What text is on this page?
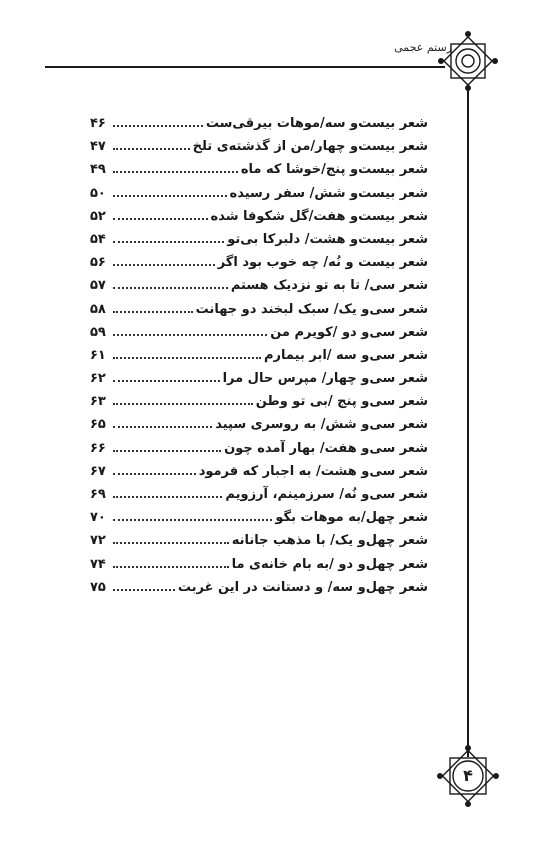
رستم عجمی
شعر بیست‌و سه/موهات بیرقی‌ست
۴۶
شعر بیست‌و چهار/من از گذشته‌ی تلخ
۴۷
شعر بیست‌و پنج/خوشا که ماه
۴۹
شعر بیست‌و شش/ سفر رسیده
۵۰
شعر بیست‌و هفت/گل شکوفا شده
۵۲
شعر بیست‌و هشت/ دلبرکا بی‌تو
۵۴
شعر بیست و نُه/ چه خوب بود اگر
۵۶
شعر سی/ تا به تو نزدیک هستم
۵۷
شعر سی‌و یک/ سبک لبخند دو جهانت
۵۸
شعر سی‌و دو /کویرم من
۵۹
شعر سی‌و سه /ابر بیمارم
۶۱
شعر سی‌و چهار/ مپرس حال مرا
۶۲
شعر سی‌و پنج /بی تو وطن
۶۳
شعر سی‌و شش/ به روسری سپید
۶۵
شعر سی‌و هفت/ بهار آمده چون
۶۶
شعر سی‌و هشت/ به اجبار که فرمود
۶۷
شعر سی‌و نُه/ سرزمینم، آرزویم
۶۹
شعر چهل/به موهات بگو
۷۰
شعر چهل‌و یک/ با مذهب جانانه
۷۲
شعر چهل‌و دو /به بام خانه‌ی ما
۷۴
شعر چهل‌و سه/ و دستانت در این غربت
۷۵
۴
